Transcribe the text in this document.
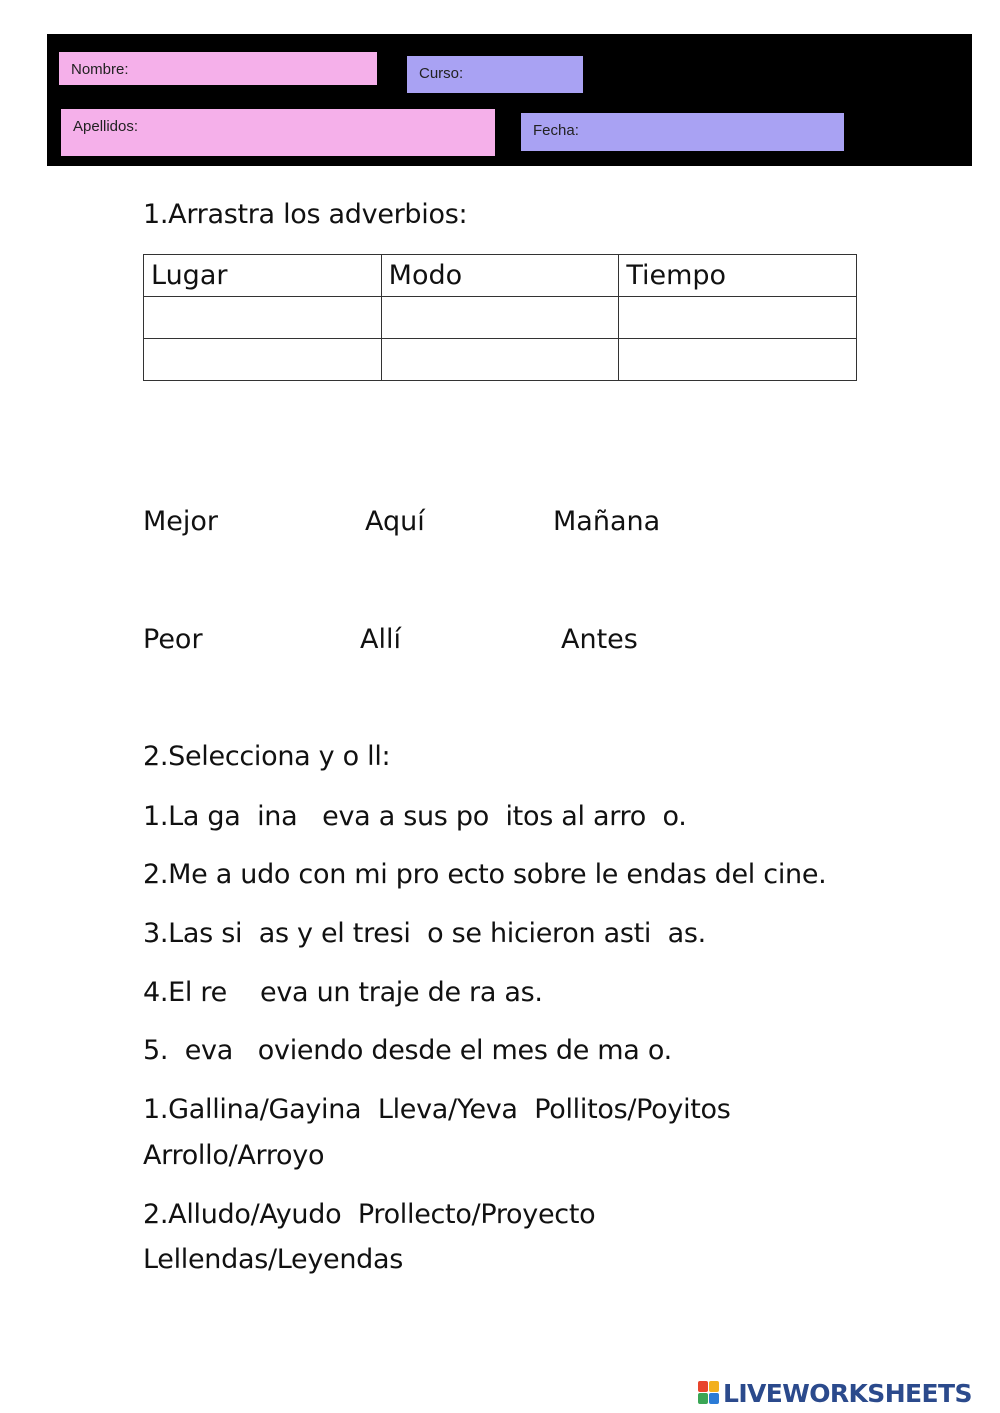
Nombre:	Curso:
Apellidos:	Fecha:
1.Arrastra los adverbios:
Lugar	Modo	Tiempo

Mejor	Aquí	Mañana
Peor	Allí	Antes
2.Selecciona y o ll:
1.La ga  ina   eva a sus po  itos al arro  o.
2.Me a udo con mi pro ecto sobre le endas del cine.
3.Las si  as y el tresi  o se hicieron asti  as.
4.El re    eva un traje de ra as.
5.  eva   oviendo desde el mes de ma o.
1.Gallina/Gayina  Lleva/Yeva  Pollitos/Poyitos
Arrollo/Arroyo
2.Alludo/Ayudo  Prollecto/Proyecto
Lellendas/Leyendas
LIVEWORKSHEETS
